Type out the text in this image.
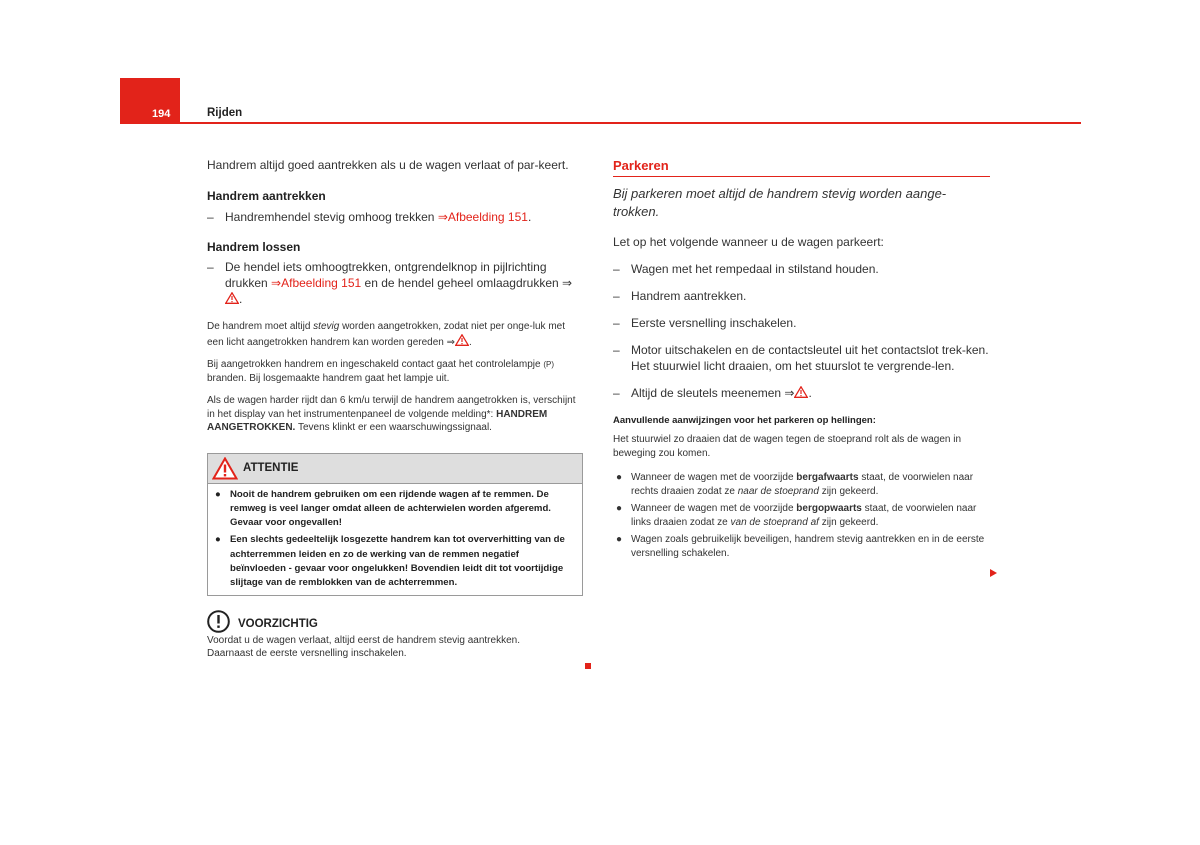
194	Rijden

Handrem altijd goed aantrekken als u de wagen verlaat of par-keert.

Handrem aantrekken

– Handremhendel stevig omhoog trekken ⇒Afbeelding 151.

Handrem lossen

– De hendel iets omhoogtrekken, ontgrendelknop in pijlrichting drukken ⇒Afbeelding 151 en de hendel geheel omlaagdrukken ⇒.

De handrem moet altijd stevig worden aangetrokken, zodat niet per onge-luk met een licht aangetrokken handrem kan worden gereden ⇒ .

Bij aangetrokken handrem en ingeschakeld contact gaat het controlelampje (P) branden. Bij losgemaakte handrem gaat het lampje uit.

Als de wagen harder rijdt dan 6 km/u terwijl de handrem aangetrokken is, verschijnt in het display van het instrumentenpaneel de volgende melding*: HANDREM AANGETROKKEN. Tevens klinkt er een waarschuwingssignaal.

ATTENTIE
● Nooit de handrem gebruiken om een rijdende wagen af te remmen. De remweg is veel langer omdat alleen de achterwielen worden afgeremd. Gevaar voor ongevallen!
● Een slechts gedeeltelijk losgezette handrem kan tot oververhitting van de achterremmen leiden en zo de werking van de remmen negatief beïnvloeden - gevaar voor ongelukken! Bovendien leidt dit tot voortijdige slijtage van de remblokken van de achterremmen.
VOORZICHTIG

Voordat u de wagen verlaat, altijd eerst de handrem stevig aantrekken. Daarnaast de eerste versnelling inschakelen.

Parkeren

Bij parkeren moet altijd de handrem stevig worden aange-trokken.

Let op het volgende wanneer u de wagen parkeert:

– Wagen met het rempedaal in stilstand houden.
– Handrem aantrekken.
– Eerste versnelling inschakelen.
– Motor uitschakelen en de contactsleutel uit het contactslot trek-ken. Het stuurwiel licht draaien, om het stuurslot te vergrende-len.
– Altijd de sleutels meenemen ⇒ .

Aanvullende aanwijzingen voor het parkeren op hellingen:

Het stuurwiel zo draaien dat de wagen tegen de stoeprand rolt als de wagen in beweging zou komen.

● Wanneer de wagen met de voorzijde bergafwaarts staat, de voorwielen naar rechts draaien zodat ze naar de stoeprand zijn gekeerd.
● Wanneer de wagen met de voorzijde bergopwaarts staat, de voorwielen naar links draaien zodat ze van de stoeprand af zijn gekeerd.
● Wagen zoals gebruikelijk beveiligen, handrem stevig aantrekken en in de eerste versnelling schakelen.
